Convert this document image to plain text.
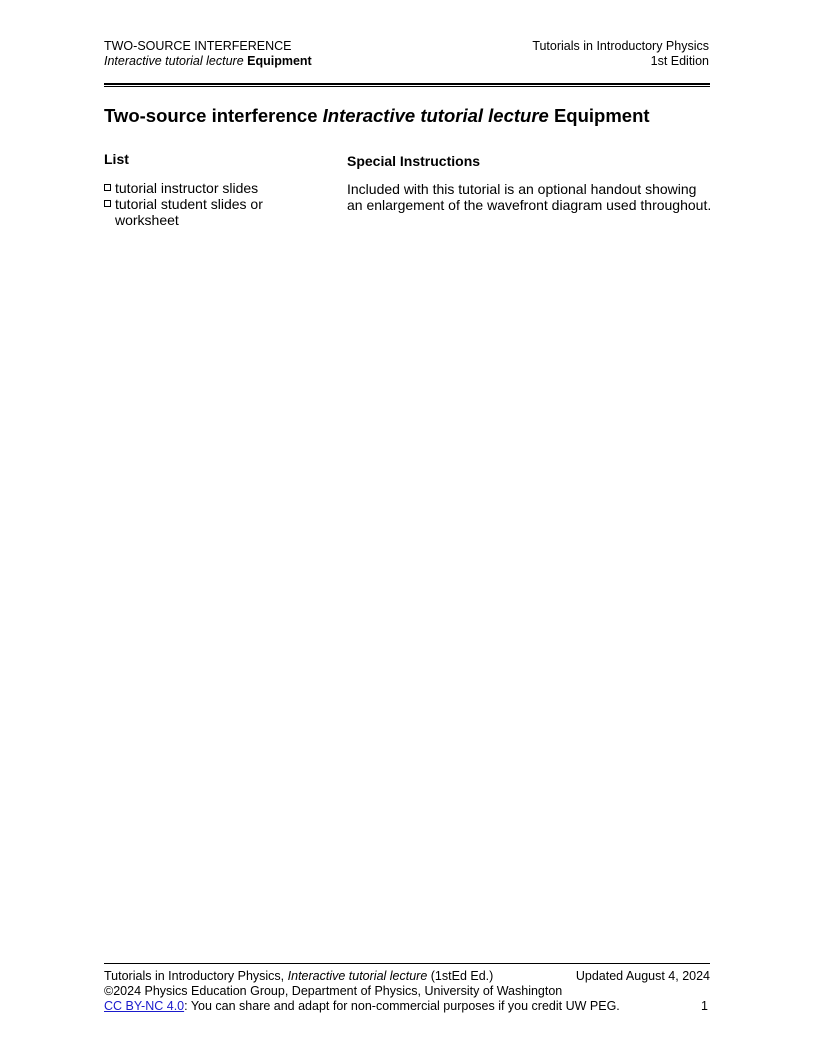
TWO-SOURCE INTERFERENCE
Interactive tutorial lecture Equipment
Tutorials in Introductory Physics
1st Edition
Two-source interference Interactive tutorial lecture Equipment
List	Special Instructions
tutorial instructor slides
tutorial student slides or
worksheet
Included with this tutorial is an optional handout showing an enlargement of the wavefront diagram used throughout.
Tutorials in Introductory Physics, Interactive tutorial lecture (1stEd Ed.)	Updated August 4, 2024
©2024 Physics Education Group, Department of Physics, University of Washington
CC BY-NC 4.0: You can share and adapt for non-commercial purposes if you credit UW PEG.	1
